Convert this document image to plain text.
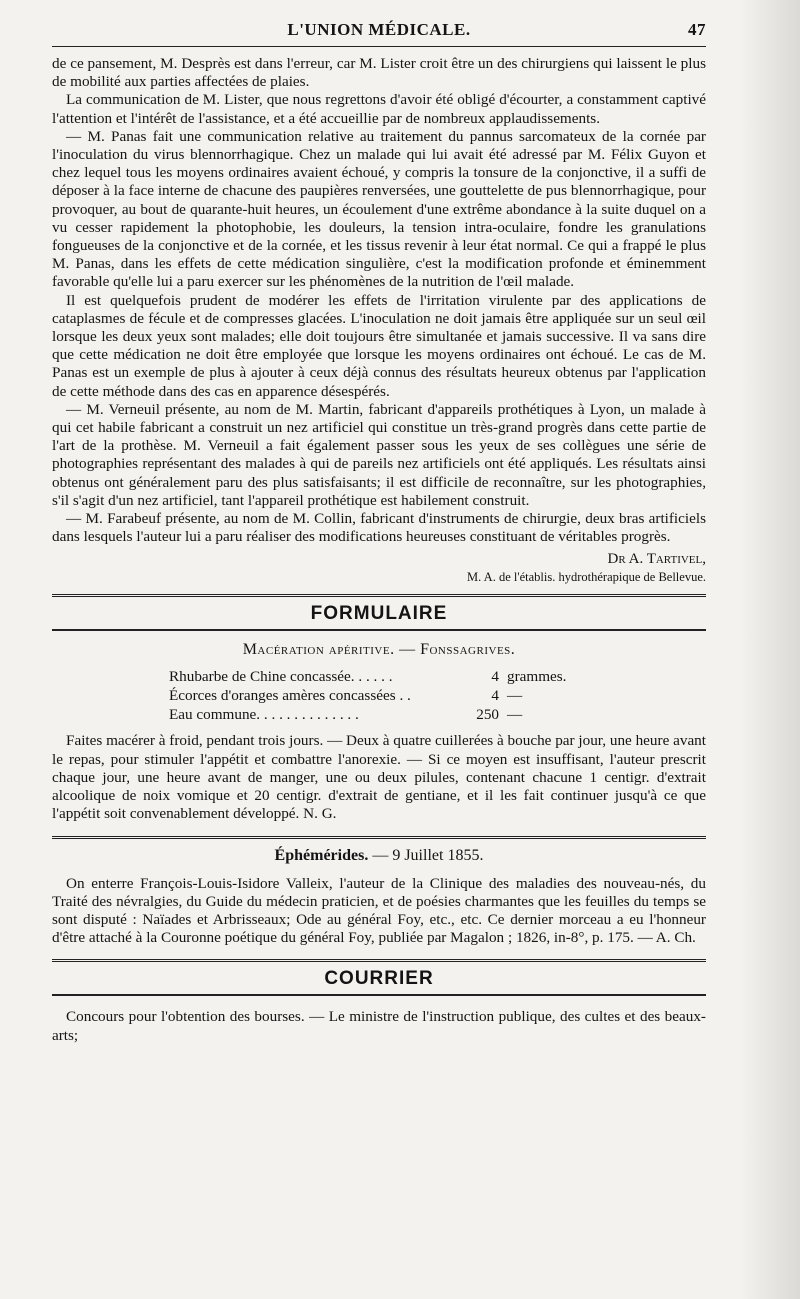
L'UNION MÉDICALE.	47

de ce pansement, M. Desprès est dans l'erreur, car M. Lister croit être un des chirurgiens qui laissent le plus de mobilité aux parties affectées de plaies.

La communication de M. Lister, que nous regrettons d'avoir été obligé d'écourter, a constamment captivé l'attention et l'intérêt de l'assistance, et a été accueillie par de nombreux applaudissements.

— M. Panas fait une communication relative au traitement du pannus sarcomateux de la cornée par l'inoculation du virus blennorrhagique. Chez un malade qui lui avait été adressé par M. Félix Guyon et chez lequel tous les moyens ordinaires avaient échoué, y compris la tonsure de la conjonctive, il a suffi de déposer à la face interne de chacune des paupières renversées, une gouttelette de pus blennorrhagique, pour provoquer, au bout de quarante-huit heures, un écoulement d'une extrême abondance à la suite duquel on a vu cesser rapidement la photophobie, les douleurs, la tension intra-oculaire, fondre les granulations fongueuses de la conjonctive et de la cornée, et les tissus revenir à leur état normal. Ce qui a frappé le plus M. Panas, dans les effets de cette médication singulière, c'est la modification profonde et éminemment favorable qu'elle lui a paru exercer sur les phénomènes de la nutrition de l'œil malade.

Il est quelquefois prudent de modérer les effets de l'irritation virulente par des applications de cataplasmes de fécule et de compresses glacées. L'inoculation ne doit jamais être appliquée sur un seul œil lorsque les deux yeux sont malades; elle doit toujours être simultanée et jamais successive. Il va sans dire que cette médication ne doit être employée que lorsque les moyens ordinaires ont échoué. Le cas de M. Panas est un exemple de plus à ajouter à ceux déjà connus des résultats heureux obtenus par l'application de cette méthode dans des cas en apparence désespérés.

— M. Verneuil présente, au nom de M. Martin, fabricant d'appareils prothétiques à Lyon, un malade à qui cet habile fabricant a construit un nez artificiel qui constitue un très-grand progrès dans cette partie de l'art de la prothèse. M. Verneuil a fait également passer sous les yeux de ses collègues une série de photographies représentant des malades à qui de pareils nez artificiels ont été appliqués. Les résultats ainsi obtenus ont généralement paru des plus satisfaisants; il est difficile de reconnaître, sur les photographies, s'il s'agit d'un nez artificiel, tant l'appareil prothétique est habilement construit.

— M. Farabeuf présente, au nom de M. Collin, fabricant d'instruments de chirurgie, deux bras artificiels dans lesquels l'auteur lui a paru réaliser des modifications heureuses constituant de véritables progrès.

Dr A. Tartivel,
M. A. de l'établis. hydrothérapique de Bellevue.
FORMULAIRE
Macération apéritive. — Fonssagrives.
Rhubarbe de Chine concassée. . . . . .	4 grammes.
Écorces d'oranges amères concassées . .	4 —
Eau commune. . . . . . . . . . . . . .	250 —

Faites macérer à froid, pendant trois jours. — Deux à quatre cuillerées à bouche par jour, une heure avant le repas, pour stimuler l'appétit et combattre l'anorexie. — Si ce moyen est insuffisant, l'auteur prescrit chaque jour, une heure avant de manger, une ou deux pilules, contenant chacune 1 centigr. d'extrait alcoolique de noix vomique et 20 centigr. d'extrait de gentiane, et il les fait continuer jusqu'à ce que l'appétit soit convenablement développé. N. G.

Éphémérides. — 9 Juillet 1855.

On enterre François-Louis-Isidore Valleix, l'auteur de la Clinique des maladies des nouveau-nés, du Traité des névralgies, du Guide du médecin praticien, et de poésies charmantes que les feuilles du temps se sont disputé : Naïades et Arbrisseaux; Ode au général Foy, etc., etc. Ce dernier morceau a eu l'honneur d'être attaché à la Couronne poétique du général Foy, publiée par Magalon ; 1826, in-8°, p. 175. — A. Ch.

COURRIER

Concours pour l'obtention des bourses. — Le ministre de l'instruction publique, des cultes et des beaux-arts;
